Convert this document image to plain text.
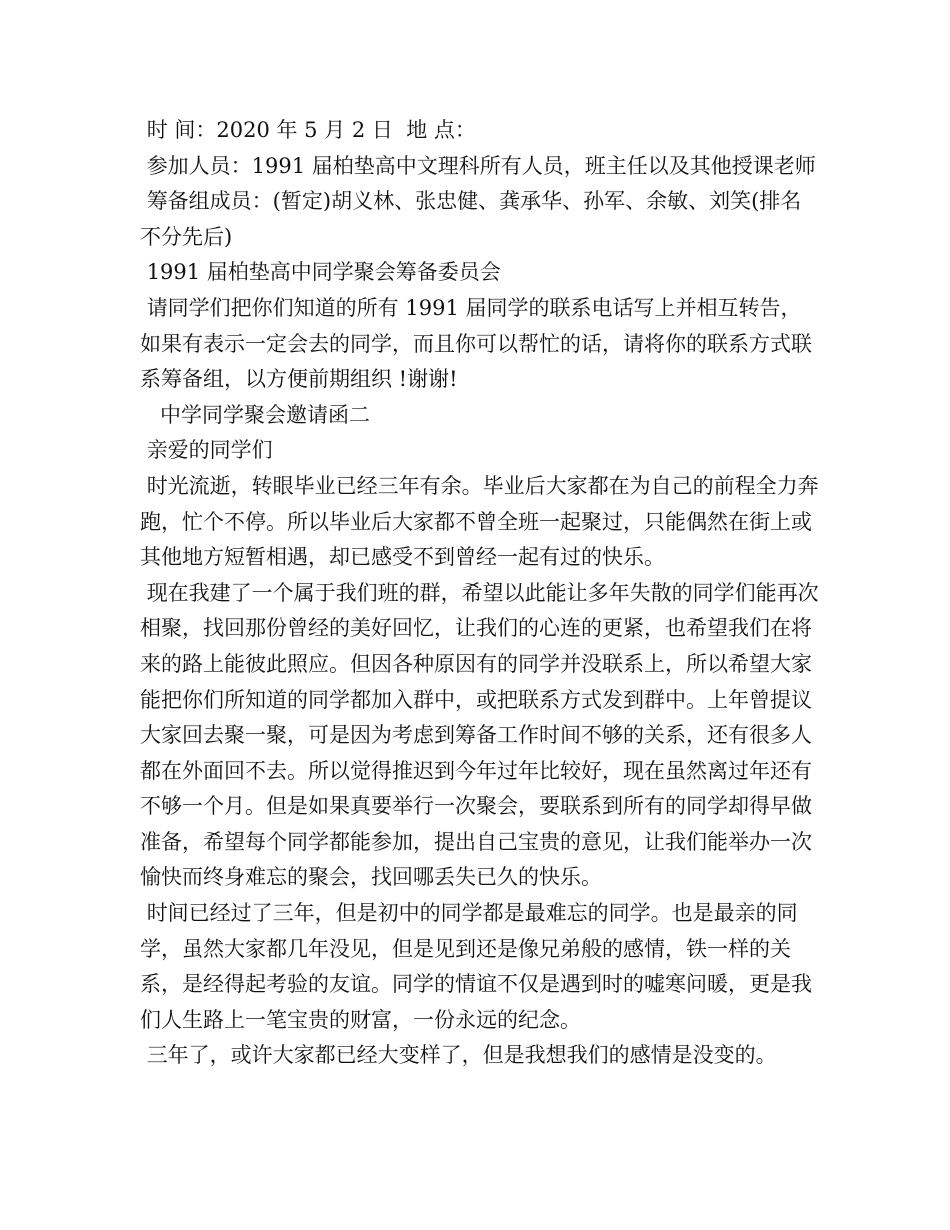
时 间：2020 年 5 月 2 日  地 点：

参加人员：1991 届柏垫高中文理科所有人员，班主任以及其他授课老师

筹备组成员：(暂定)胡义林、张忠健、龚承华、孙军、余敏、刘笑(排名不分先后)

1991 届柏垫高中同学聚会筹备委员会

请同学们把你们知道的所有 1991 届同学的联系电话写上并相互转告，如果有表示一定会去的同学，而且你可以帮忙的话，请将你的联系方式联系筹备组，以方便前期组织 !谢谢!

中学同学聚会邀请函二

亲爱的同学们

时光流逝，转眼毕业已经三年有余。毕业后大家都在为自己的前程全力奔跑，忙个不停。所以毕业后大家都不曾全班一起聚过，只能偶然在街上或其他地方短暂相遇，却已感受不到曾经一起有过的快乐。

现在我建了一个属于我们班的群，希望以此能让多年失散的同学们能再次相聚，找回那份曾经的美好回忆，让我们的心连的更紧，也希望我们在将来的路上能彼此照应。但因各种原因有的同学并没联系上，所以希望大家能把你们所知道的同学都加入群中，或把联系方式发到群中。上年曾提议大家回去聚一聚，可是因为考虑到筹备工作时间不够的关系，还有很多人都在外面回不去。所以觉得推迟到今年过年比较好，现在虽然离过年还有不够一个月。但是如果真要举行一次聚会，要联系到所有的同学却得早做准备，希望每个同学都能参加，提出自己宝贵的意见，让我们能举办一次愉快而终身难忘的聚会，找回哪丢失已久的快乐。

时间已经过了三年，但是初中的同学都是最难忘的同学。也是最亲的同学，虽然大家都几年没见，但是见到还是像兄弟般的感情，铁一样的关系，是经得起考验的友谊。同学的情谊不仅是遇到时的嘘寒问暖，更是我们人生路上一笔宝贵的财富，一份永远的纪念。

三年了，或许大家都已经大变样了，但是我想我们的感情是没变的。
